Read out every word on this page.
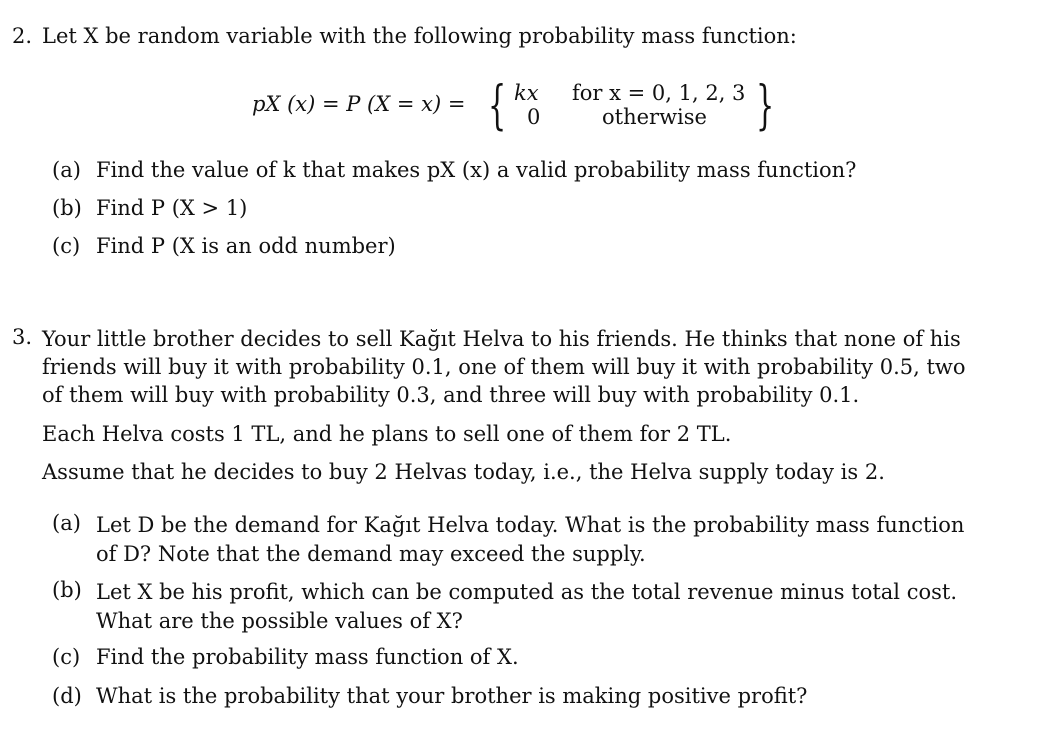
2. Let X be random variable with the following probability mass function:
pX (x) = P (X = x) = { kx for x = 0, 1, 2, 3
0	otherwise }
(a) Find the value of k that makes pX (x) a valid probability mass function?
(b) Find P (X > 1)
(c) Find P (X is an odd number)
3. Your little brother decides to sell Kağıt Helva to his friends. He thinks that none of his friends will buy it with probability 0.1, one of them will buy it with probability 0.5, two of them will buy with probability 0.3, and three will buy with probability 0.1.
Each Helva costs 1 TL, and he plans to sell one of them for 2 TL.
Assume that he decides to buy 2 Helvas today, i.e., the Helva supply today is 2.
(a) Let D be the demand for Kağıt Helva today. What is the probability mass function of D? Note that the demand may exceed the supply.
(b) Let X be his profit, which can be computed as the total revenue minus total cost. What are the possible values of X?
(c) Find the probability mass function of X.
(d) What is the probability that your brother is making positive profit?
